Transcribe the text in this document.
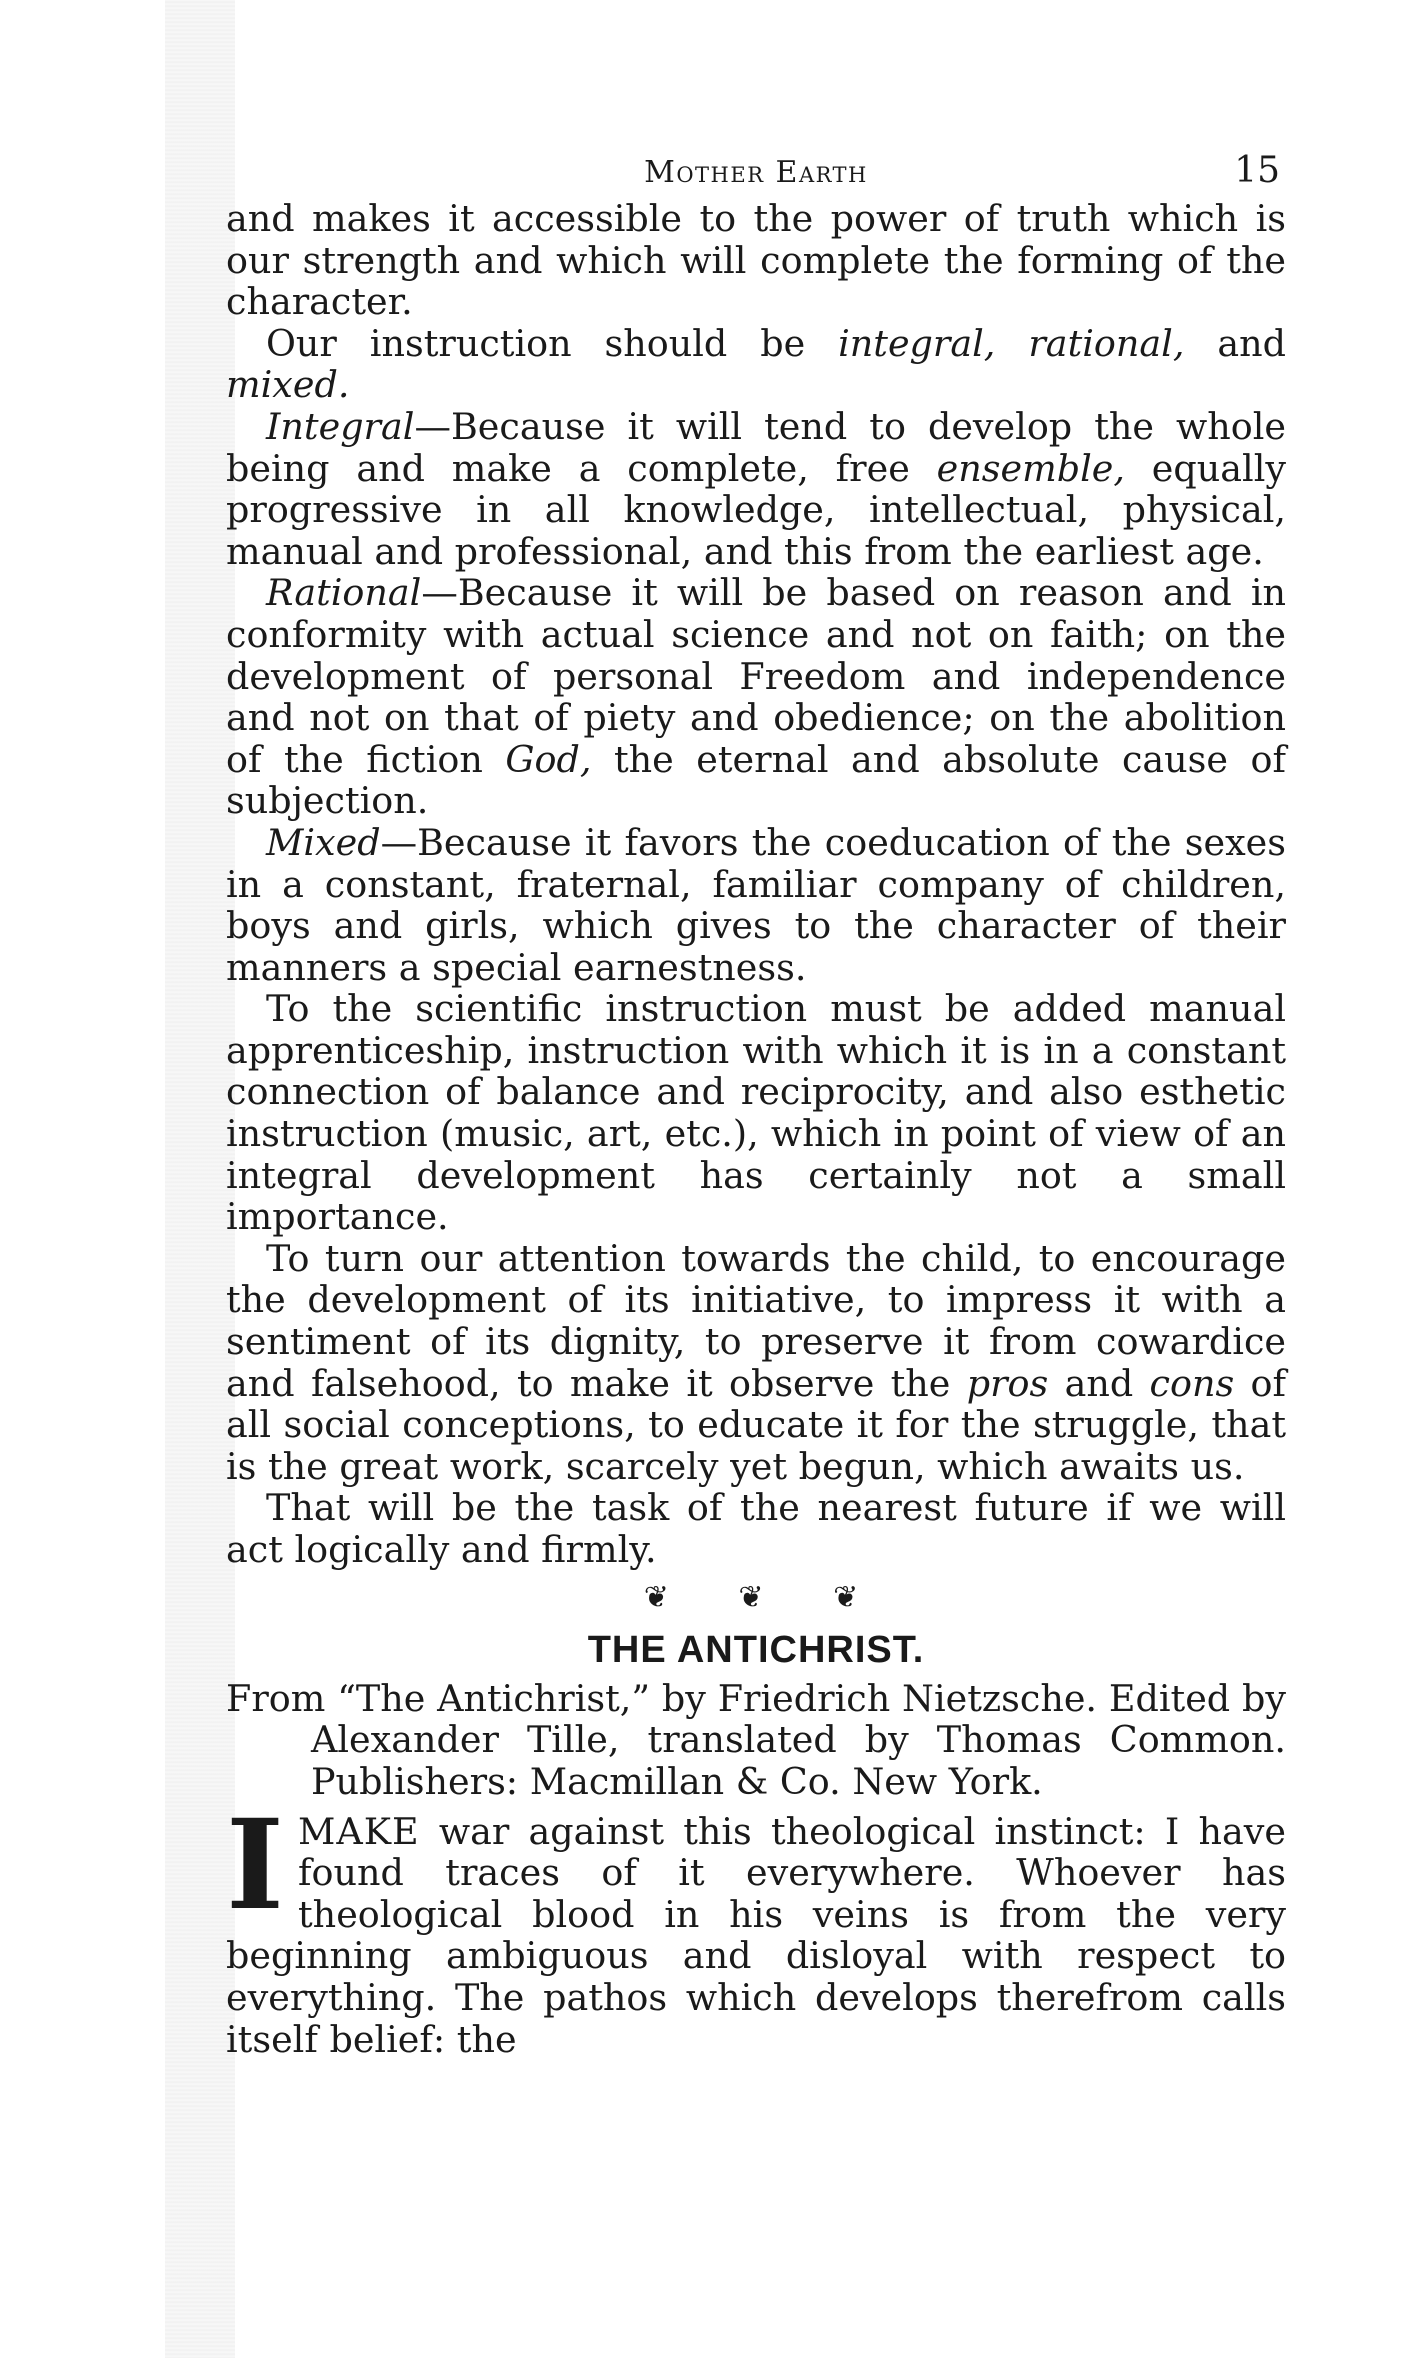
Mother Earth	15

and makes it accessible to the power of truth which is our strength and which will complete the forming of the character.

Our instruction should be integral, rational, and mixed.

Integral—Because it will tend to develop the whole being and make a complete, free ensemble, equally progressive in all knowledge, intellectual, physical, manual and professional, and this from the earliest age.

Rational—Because it will be based on reason and in conformity with actual science and not on faith; on the development of personal Freedom and independence and not on that of piety and obedience; on the abolition of the fiction God, the eternal and absolute cause of subjection.

Mixed—Because it favors the coeducation of the sexes in a constant, fraternal, familiar company of children, boys and girls, which gives to the character of their manners a special earnestness.

To the scientific instruction must be added manual apprenticeship, instruction with which it is in a constant connection of balance and reciprocity, and also esthetic instruction (music, art, etc.), which in point of view of an integral development has certainly not a small importance.

To turn our attention towards the child, to encourage the development of its initiative, to impress it with a sentiment of its dignity, to preserve it from cowardice and falsehood, to make it observe the pros and cons of all social conceptions, to educate it for the struggle, that is the great work, scarcely yet begun, which awaits us.

That will be the task of the nearest future if we will act logically and firmly.

❦ ❦ ❦
THE ANTICHRIST.

From “The Antichrist,” by Friedrich Nietzsche. Edited by Alexander Tille, translated by Thomas Common. Publishers: Macmillan & Co. New York.

IMAKE war against this theological instinct: I have found traces of it everywhere. Whoever has theological blood in his veins is from the very beginning ambiguous and disloyal with respect to everything. The pathos which develops therefrom calls itself belief: the
